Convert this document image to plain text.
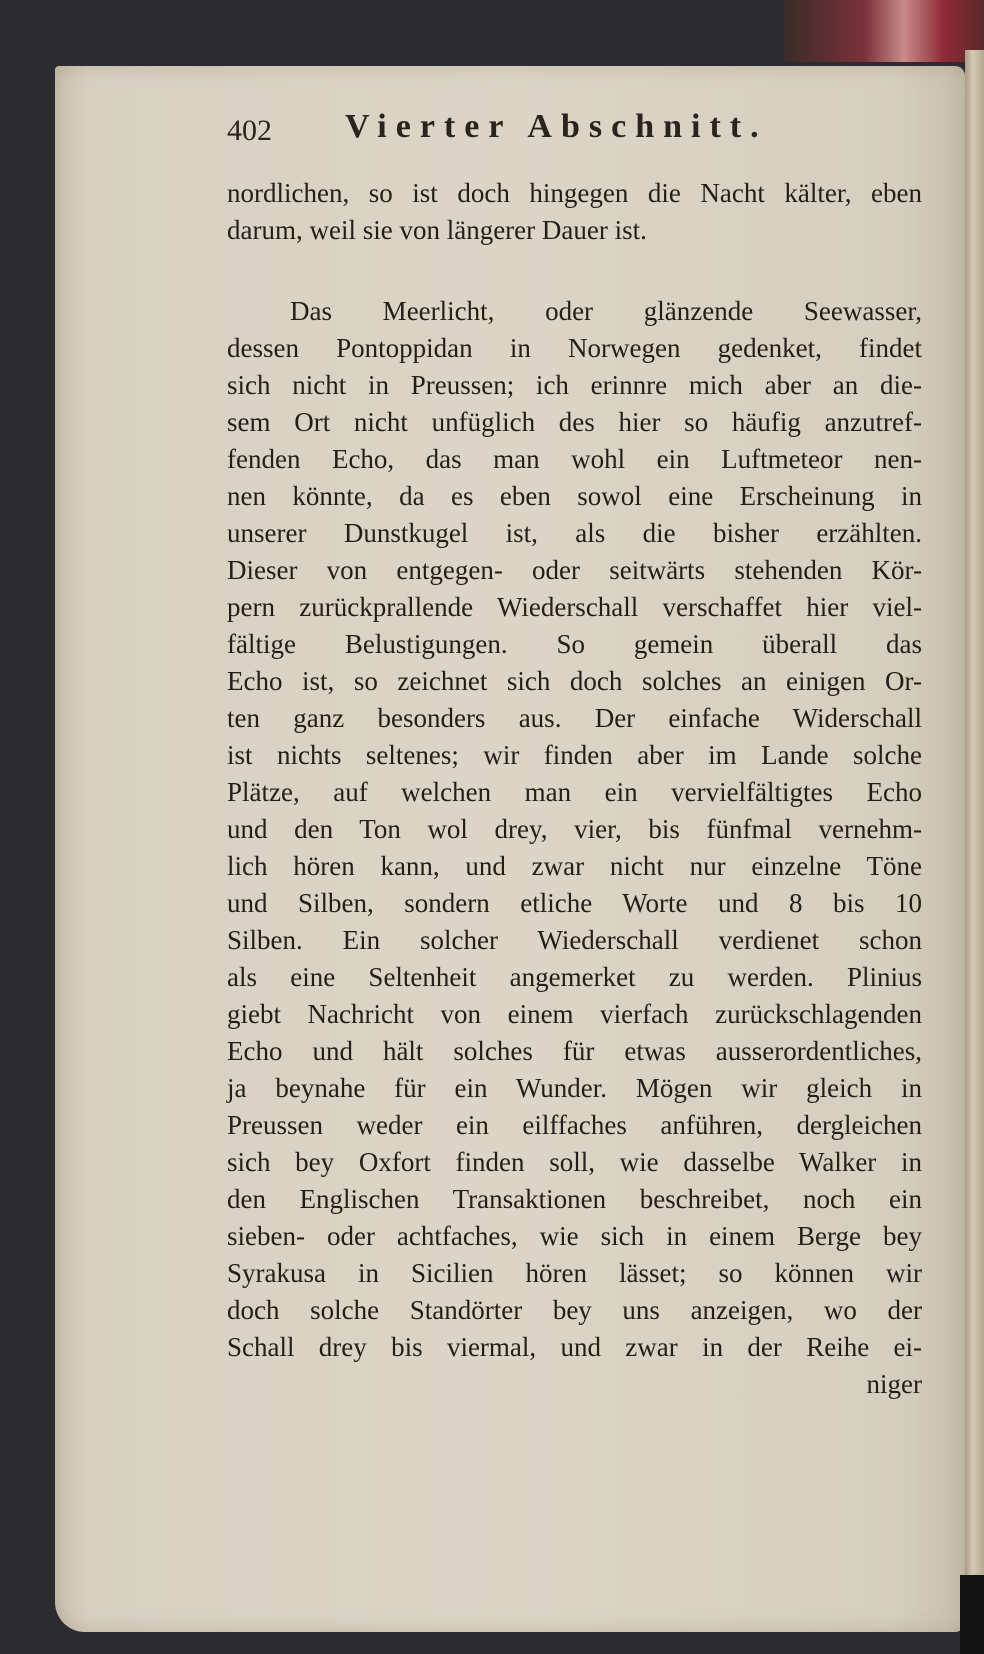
402 Vierter Abschnitt.
nordlichen, so ist doch hingegen die Nacht kälter, eben
darum, weil sie von längerer Dauer ist.
Das Meerlicht, oder glänzende Seewasser,
dessen Pontoppidan in Norwegen gedenket, findet
sich nicht in Preussen; ich erinnre mich aber an die-
sem Ort nicht unfüglich des hier so häufig anzutref-
fenden Echo, das man wohl ein Luftmeteor nen-
nen könnte, da es eben sowol eine Erscheinung in
unserer Dunstkugel ist, als die bisher erzählten.
Dieser von entgegen- oder seitwärts stehenden Kör-
pern zurückprallende Wiederschall verschaffet hier viel-
fältige Belustigungen. So gemein überall das
Echo ist, so zeichnet sich doch solches an einigen Or-
ten ganz besonders aus. Der einfache Widerschall
ist nichts seltenes; wir finden aber im Lande solche
Plätze, auf welchen man ein vervielfältigtes Echo
und den Ton wol drey, vier, bis fünfmal vernehm-
lich hören kann, und zwar nicht nur einzelne Töne
und Silben, sondern etliche Worte und 8 bis 10
Silben. Ein solcher Wiederschall verdienet schon
als eine Seltenheit angemerket zu werden. Plinius
giebt Nachricht von einem vierfach zurückschlagenden
Echo und hält solches für etwas ausserordentliches,
ja beynahe für ein Wunder. Mögen wir gleich in
Preussen weder ein eilffaches anführen, dergleichen
sich bey Oxfort finden soll, wie dasselbe Walker in
den Englischen Transaktionen beschreibet, noch ein
sieben- oder achtfaches, wie sich in einem Berge bey
Syrakusa in Sicilien hören lässet; so können wir
doch solche Standörter bey uns anzeigen, wo der
Schall drey bis viermal, und zwar in der Reihe ei-
niger
